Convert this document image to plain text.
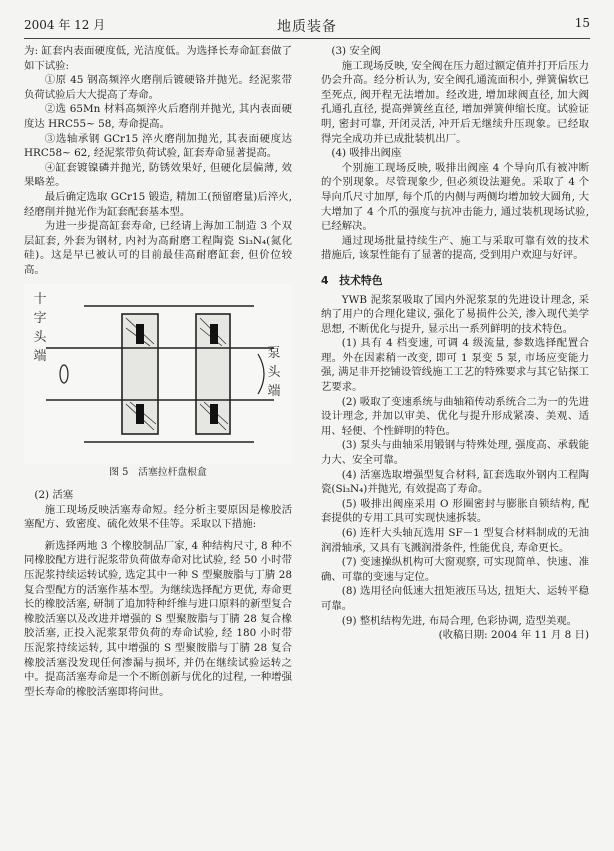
2004 年 12 月	地质装备	15

为: 缸套内表面硬度低, 光洁度低。为选择长寿命缸套做了如下试验:

①原 45 钢高频淬火磨削后镀硬铬并抛光。经泥浆带负荷试验后大大提高了寿命。

②选 65Mn 材料高频淬火后磨削并抛光, 其内表面硬度达 HRC55~ 58, 寿命提高。

③选轴承钢 GCr15 淬火磨削加抛光, 其表面硬度达 HRC58~ 62, 经泥浆带负荷试验, 缸套寿命显著提高。

④缸套镀镍磷并抛光, 防锈效果好, 但硬化层偏薄, 效果略差。

最后确定选取 GCr15 锻造, 精加工(预留磨量)后淬火, 经磨削并抛光作为缸套配套基本型。

为进一步提高缸套寿命, 已经请上海加工制造 3 个双层缸套, 外套为钢材, 内衬为高耐磨工程陶瓷 Si₃N₄(氮化硅)。这是早已被认可的目前最佳高耐磨缸套, 但价位较高。

十字头端	泵头端

图 5　活塞拉杆盘根盒

(2) 活塞

施工现场反映活塞寿命短。经分析主要原因是橡胶活塞配方、致密度、硫化效果不佳等。采取以下措施:

新选择两地 3 个橡胶制品厂家, 4 种结构尺寸, 8 种不同橡胶配方进行泥浆带负荷做寿命对比试验, 经 50 小时带压泥浆持续运转试验, 选定其中一种 S 型聚胺脂与丁腈 28 复合型配方的活塞作基本型。为继续选择配方更优, 寿命更长的橡胶活塞, 研制了追加特种纤维与进口原料的新型复合橡胶活塞以及改进并增强的 S 型聚胺脂与丁腈 28 复合橡胶活塞, 正投入泥浆泵带负荷的寿命试验, 经 180 小时带压泥浆持续运转, 其中增强的 S 型聚胺脂与丁腈 28 复合橡胶活塞没发现任何渗漏与损坏, 并仍在继续试验运转之中。提高活塞寿命是一个不断创新与优化的过程, 一种增强型长寿命的橡胶活塞即将问世。

(3) 安全阀

施工现场反映, 安全阀在压力超过额定值并打开后压力仍会升高。经分析认为, 安全阀孔通流面积小, 弹簧偏软已至死点, 阀开程无法增加。经改进, 增加球阀直径, 加大阀孔通孔直径, 提高弹簧丝直径, 增加弹簧伸缩长度。试验证明, 密封可靠, 开闭灵活, 冲开后无继续升压现象。已经取得完全成功并已成批装机出厂。

(4) 吸排出阀座

个别施工现场反映, 吸排出阀座 4 个导向爪有被冲断的个别现象。尽管现象少, 但必须设法避免。采取了 4 个导向爪尺寸加厚, 每个爪的内侧与两侧均增加较大圆角, 大大增加了 4 个爪的强度与抗冲击能力, 通过装机现场试验, 已经解决。

通过现场批量持续生产、施工与采取可靠有效的技术措施后, 该泵性能有了显著的提高, 受到用户欢迎与好评。

4　技术特色

YWB 泥浆泵吸取了国内外泥浆泵的先进设计理念, 采纳了用户的合理化建议, 强化了易损件公关, 渗入现代美学思想, 不断优化与提升, 显示出一系列鲜明的技术特色。

(1) 具有 4 档变速, 可调 4 级流量, 参数选择配置合理。外在因素稍一改变, 即可 1 泵变 5 泵, 市场应变能力强, 满足非开挖铺设管线施工工艺的特殊要求与其它钻探工艺要求。

(2) 吸取了变速系统与曲轴箱传动系统合二为一的先进设计理念, 并加以审美、优化与提升形成紧凑、美观、适用、轻便、个性鲜明的特色。

(3) 泵头与曲轴采用锻钢与特殊处理, 强度高、承载能力大、安全可靠。

(4) 活塞选取增强型复合材料, 缸套选取外钢内工程陶瓷(Si₃N₄)并抛光, 有效提高了寿命。

(5) 吸排出阀座采用 O 形圈密封与膨胀自锁结构, 配套提供的专用工具可实现快速拆装。

(6) 连杆大头轴瓦选用 SF－1 型复合材料制成的无油润滑轴承, 又具有飞溅润滑条件, 性能优良, 寿命更长。

(7) 变速操纵机构可大窗观察, 可实现简单、快速、准确、可靠的变速与定位。

(8) 选用径向低速大扭矩液压马达, 扭矩大、运转平稳可靠。

(9) 整机结构先进, 布局合理, 色彩协调, 造型美观。

(收稿日期: 2004 年 11 月 8 日)
